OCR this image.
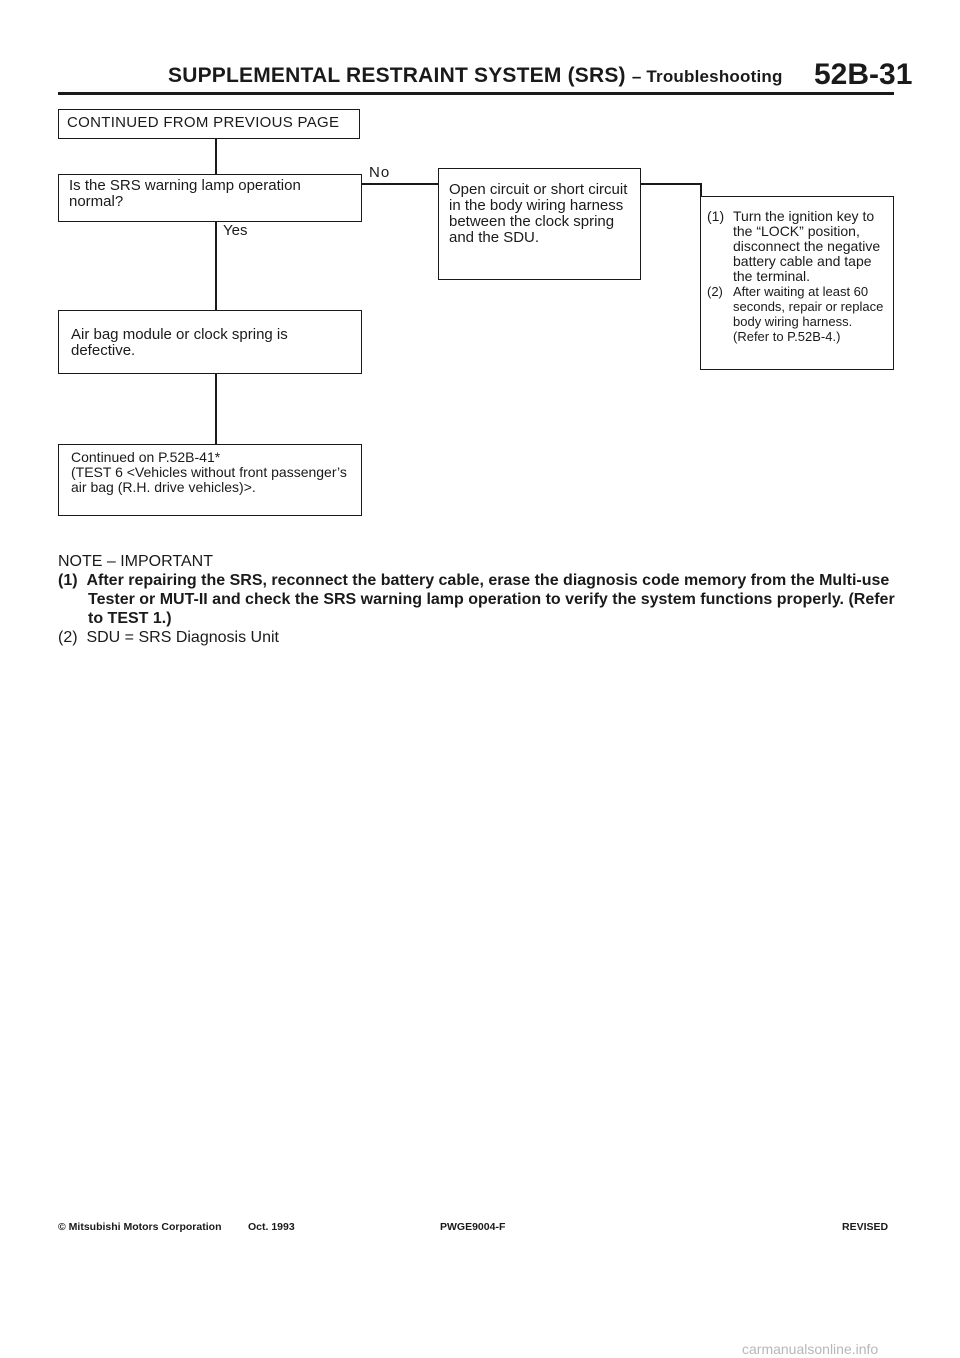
SUPPLEMENTAL RESTRAINT SYSTEM (SRS) – Troubleshooting 52B-31
No
Yes
CONTINUED FROM PREVIOUS PAGE
Is the SRS warning lamp operation normal?
Open circuit or short circuit in the body wiring harness between the clock spring and the SDU.
(1) Turn the ignition key to the “LOCK” position, disconnect the negative battery cable and tape the terminal.
(2) After waiting at least 60 seconds, repair or replace body wiring harness.
(Refer to P.52B-4.)
Air bag module or clock spring is defective.
Continued on P.52B-41*
(TEST 6 <Vehicles without front passenger’s air bag (R.H. drive vehicles)>.
NOTE – IMPORTANT
(1) After repairing the SRS, reconnect the battery cable, erase the diagnosis code memory from the Multi-use Tester or MUT-II and check the SRS warning lamp operation to verify the system functions properly. (Refer to TEST 1.)
(2) SDU = SRS Diagnosis Unit
© Mitsubishi Motors Corporation	Oct. 1993	PWGE9004-F	REVISED
carmanualsonline.info
